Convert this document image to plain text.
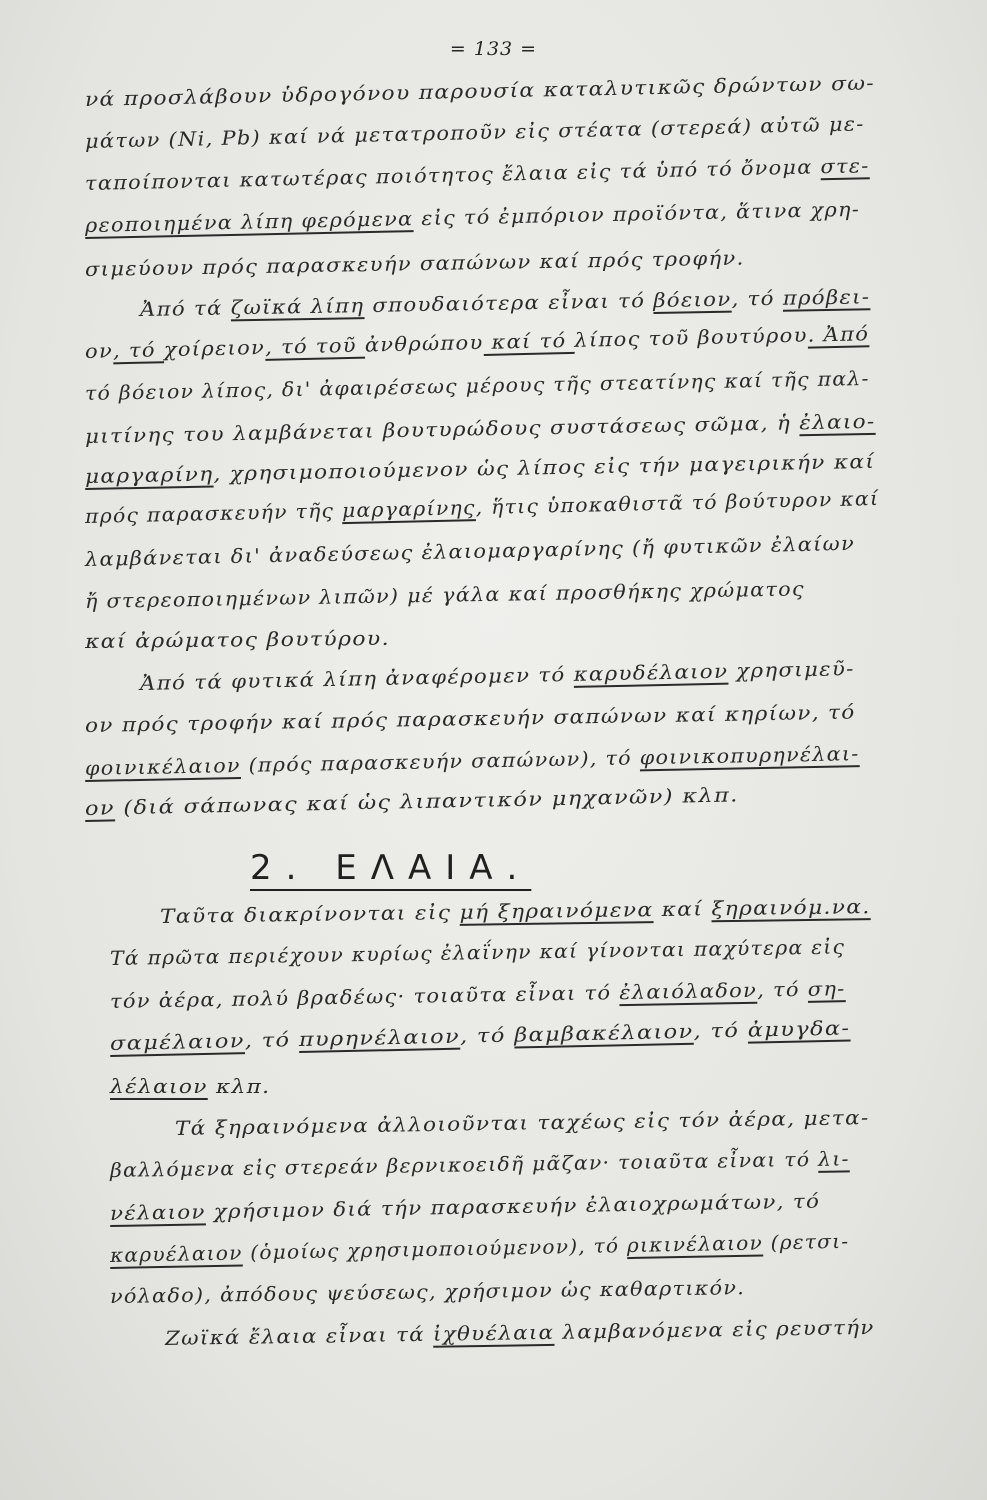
= 133 =
νά προσλάβουν ὑδρογόνου παρουσία καταλυτικῶς δρώντων σω-
μάτων (Νi, Pb) καί νά μετατροποῦν εἰς στέατα (στερεά) αὐτῶ με-
ταποίπονται κατωτέρας ποιότητος ἔλαια εἰς τά ὑπό τό ὄνομα στε-
ρεοποιημένα λίπη φερόμενα εἰς τό ἐμπόριον προϊόντα, ἅτινα χρη-
σιμεύουν πρός παρασκευήν σαπώνων καί πρός τροφήν.
Ἀπό τά ζωϊκά λίπη σπουδαιότερα εἶναι τό βόειον, τό πρόβει-
ον, τό χοίρειον, τό τοῦ ἀνθρώπου καί τό λίπος τοῦ βουτύρου. Ἀπό
τό βόειον λίπος, δι' ἀφαιρέσεως μέρους τῆς στεατίνης καί τῆς παλ-
μιτίνης του λαμβάνεται βουτυρώδους συστάσεως σῶμα, ἡ ἐλαιο-
μαργαρίνη, χρησιμοποιούμενον ὡς λίπος εἰς τήν μαγειρικήν καί
πρός παρασκευήν τῆς μαργαρίνης, ἥτις ὑποκαθιστᾶ τό βούτυρον καί
λαμβάνεται δι' ἀναδεύσεως ἐλαιομαργαρίνης (ἤ φυτικῶν ἐλαίων
ἤ στερεοποιημένων λιπῶν) μέ γάλα καί προσθήκης χρώματος
καί ἀρώματος βουτύρου.
Ἀπό τά φυτικά λίπη ἀναφέρομεν τό καρυδέλαιον χρησιμεῦ-
ον πρός τροφήν καί πρός παρασκευήν σαπώνων καί κηρίων, τό
φοινικέλαιον (πρός παρασκευήν σαπώνων), τό φοινικοπυρηνέλαι-
ον (διά σάπωνας καί ὡς λιπαντικόν μηχανῶν) κλπ.
Ταῦτα διακρίνονται εἰς μή ξηραινόμενα καί ξηραινόμ.να.
Τά πρῶτα περιέχουν κυρίως ἐλαΐνην καί γίνονται παχύτερα εἰς
τόν ἀέρα, πολύ βραδέως· τοιαῦτα εἶναι τό ἐλαιόλαδον, τό ση-
σαμέλαιον, τό πυρηνέλαιον, τό βαμβακέλαιον, τό ἀμυγδα-
λέλαιον κλπ.
Τά ξηραινόμενα ἀλλοιοῦνται ταχέως εἰς τόν ἀέρα, μετα-
βαλλόμενα εἰς στερεάν βερνικοειδῆ μᾶζαν· τοιαῦτα εἶναι τό λι-
νέλαιον χρήσιμον διά τήν παρασκευήν ἐλαιοχρωμάτων, τό
καρυέλαιον (ὁμοίως χρησιμοποιούμενον), τό ρικινέλαιον (ρετσι-
νόλαδο), ἀπόδους ψεύσεως, χρήσιμον ὡς καθαρτικόν.
Ζωϊκά ἔλαια εἶναι τά ἰχθυέλαια λαμβανόμενα εἰς ρευστήν
2. ΕΛΑΙΑ.
